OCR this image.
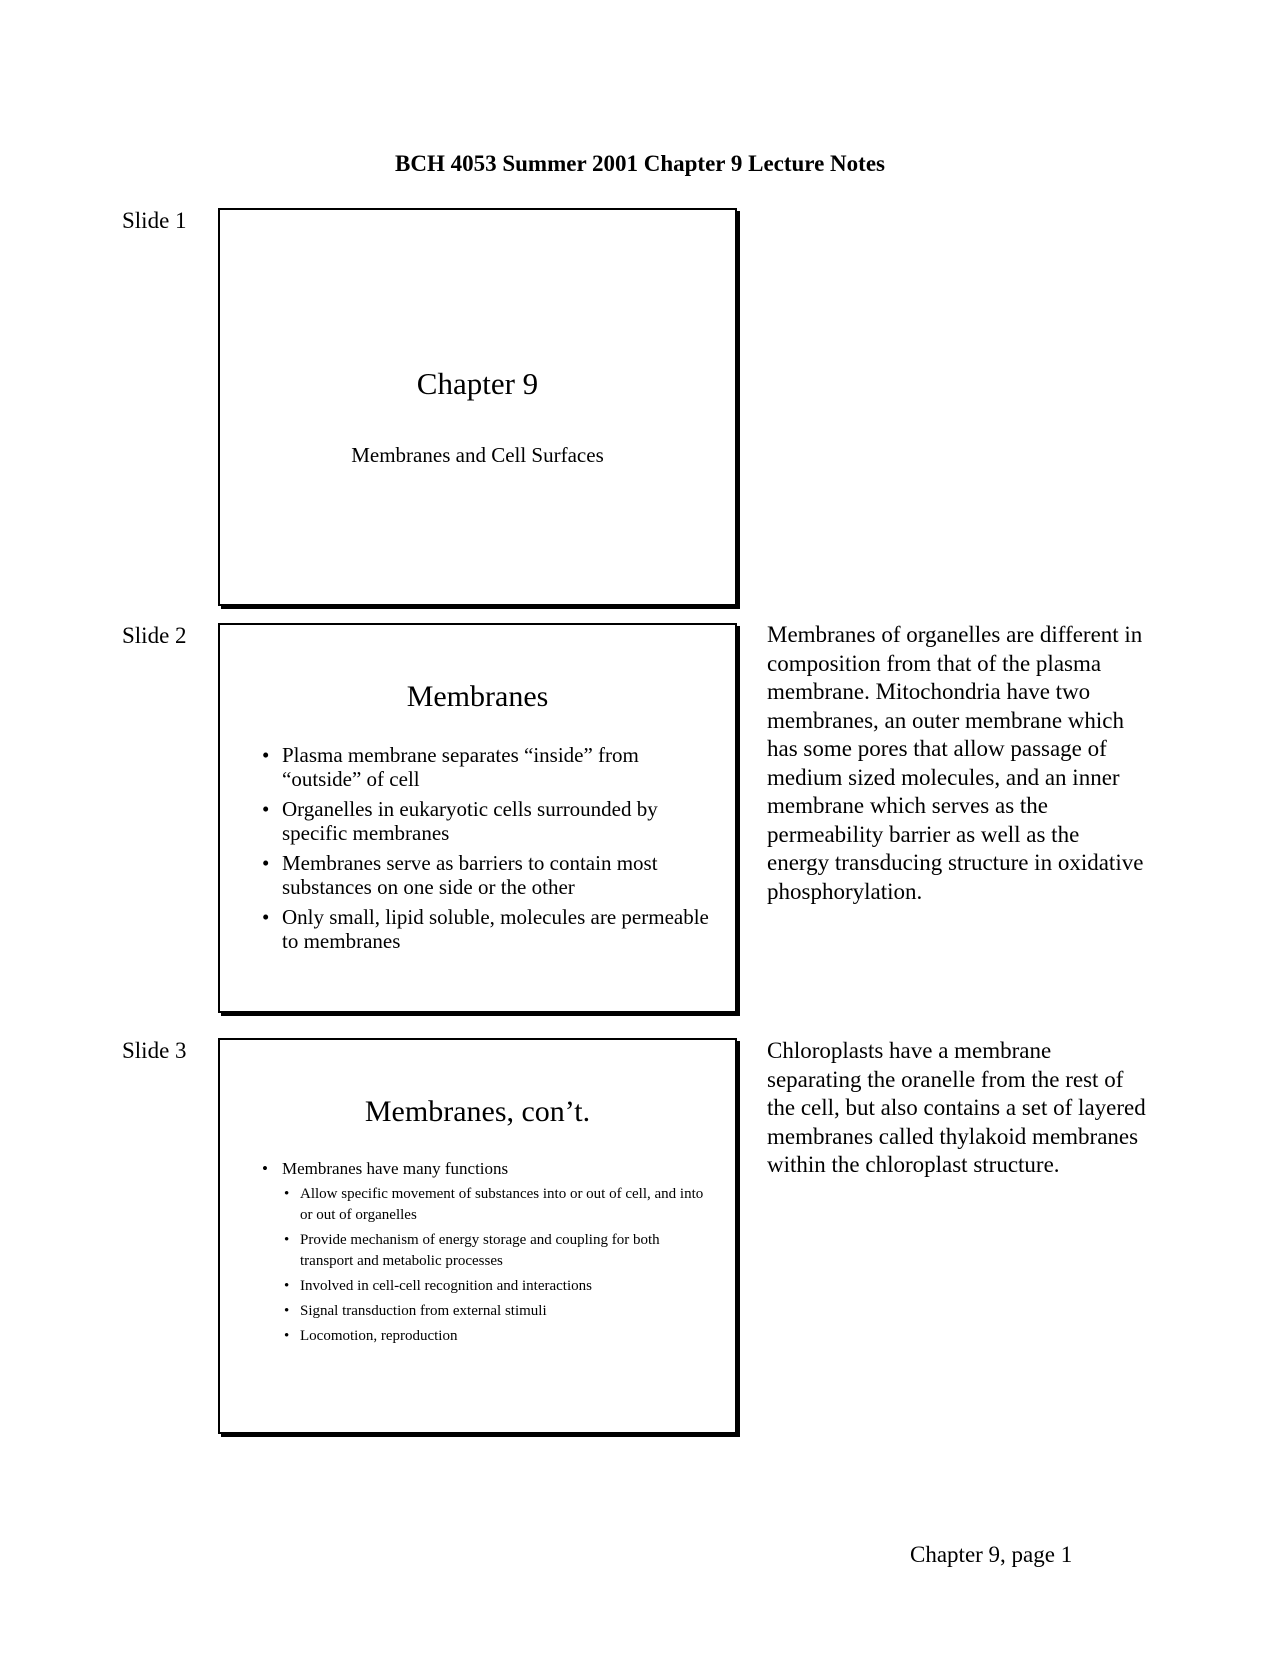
BCH 4053 Summer 2001 Chapter 9 Lecture Notes
Slide 1
Chapter 9
Membranes and Cell Surfaces
Slide 2
Membranes
• Plasma membrane separates “inside” from “outside” of cell
• Organelles in eukaryotic cells surrounded by specific membranes
• Membranes serve as barriers to contain most substances on one side or the other
• Only small, lipid soluble, molecules are permeable to membranes
Membranes of organelles are different in composition from that of the plasma membrane. Mitochondria have two membranes, an outer membrane which has some pores that allow passage of medium sized molecules, and an inner membrane which serves as the permeability barrier as well as the energy transducing structure in oxidative phosphorylation.
Slide 3
Membranes, con’t.
• Membranes have many functions
• Allow specific movement of substances into or out of cell, and into or out of organelles
• Provide mechanism of energy storage and coupling for both transport and metabolic processes
• Involved in cell-cell recognition and interactions
• Signal transduction from external stimuli
• Locomotion, reproduction
Chloroplasts have a membrane separating the oranelle from the rest of the cell, but also contains a set of layered membranes called thylakoid membranes within the chloroplast structure.
Chapter 9, page 1
